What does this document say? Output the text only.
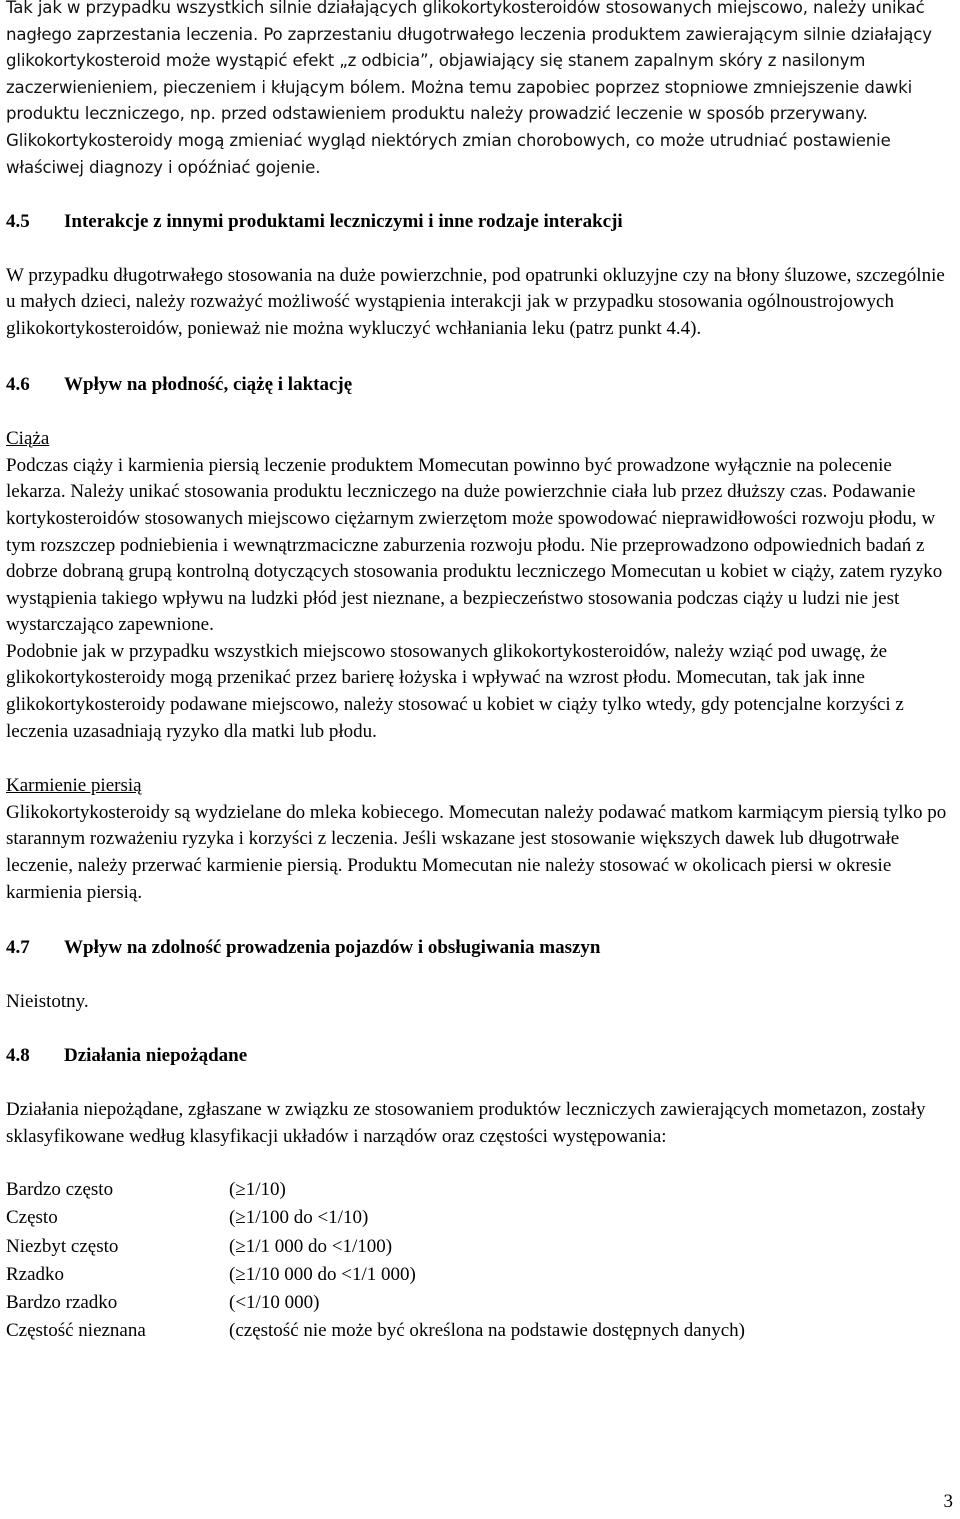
Tak jak w przypadku wszystkich silnie działających glikokortykosteroidów stosowanych miejscowo, należy unikać nagłego zaprzestania leczenia. Po zaprzestaniu długotrwałego leczenia produktem zawierającym silnie działający glikokortykosteroid może wystąpić efekt „z odbicia”, objawiający się stanem zapalnym skóry z nasilonym zaczerwienieniem, pieczeniem i kłującym bólem. Można temu zapobiec poprzez stopniowe zmniejszenie dawki produktu leczniczego, np. przed odstawieniem produktu należy prowadzić leczenie w sposób przerywany.

Glikokortykosteroidy mogą zmieniać wygląd niektórych zmian chorobowych, co może utrudniać postawienie właściwej diagnozy i opóźniać gojenie.

4.5 Interakcje z innymi produktami leczniczymi i inne rodzaje interakcji

W przypadku długotrwałego stosowania na duże powierzchnie, pod opatrunki okluzyjne czy na błony śluzowe, szczególnie u małych dzieci, należy rozważyć możliwość wystąpienia interakcji jak w przypadku stosowania ogólnoustrojowych glikokortykosteroidów, ponieważ nie można wykluczyć wchłaniania leku (patrz punkt 4.4).

4.6 Wpływ na płodność, ciążę i laktację

Ciąża

Podczas ciąży i karmienia piersią leczenie produktem Momecutan powinno być prowadzone wyłącznie na polecenie lekarza. Należy unikać stosowania produktu leczniczego na duże powierzchnie ciała lub przez dłuższy czas. Podawanie kortykosteroidów stosowanych miejscowo ciężarnym zwierzętom może spowodować nieprawidłowości rozwoju płodu, w tym rozszczep podniebienia i wewnątrzmaciczne zaburzenia rozwoju płodu. Nie przeprowadzono odpowiednich badań z dobrze dobraną grupą kontrolną dotyczących stosowania produktu leczniczego Momecutan u kobiet w ciąży, zatem ryzyko wystąpienia takiego wpływu na ludzki płód jest nieznane, a bezpieczeństwo stosowania podczas ciąży u ludzi nie jest wystarczająco zapewnione.

Podobnie jak w przypadku wszystkich miejscowo stosowanych glikokortykosteroidów, należy wziąć pod uwagę, że glikokortykosteroidy mogą przenikać przez barierę łożyska i wpływać na wzrost płodu. Momecutan, tak jak inne glikokortykosteroidy podawane miejscowo, należy stosować u kobiet w ciąży tylko wtedy, gdy potencjalne korzyści z leczenia uzasadniają ryzyko dla matki lub płodu.

Karmienie piersią

Glikokortykosteroidy są wydzielane do mleka kobiecego. Momecutan należy podawać matkom karmiącym piersią tylko po starannym rozważeniu ryzyka i korzyści z leczenia. Jeśli wskazane jest stosowanie większych dawek lub długotrwałe leczenie, należy przerwać karmienie piersią. Produktu Momecutan nie należy stosować w okolicach piersi w okresie karmienia piersią.

4.7 Wpływ na zdolność prowadzenia pojazdów i obsługiwania maszyn

Nieistotny.

4.8 Działania niepożądane

Działania niepożądane, zgłaszane w związku ze stosowaniem produktów leczniczych zawierających mometazon, zostały sklasyfikowane według klasyfikacji układów i narządów oraz częstości występowania:

Bardzo często	(≥1/10)
Często	(≥1/100 do <1/10)
Niezbyt często	(≥1/1 000 do <1/100)
Rzadko	(≥1/10 000 do <1/1 000)
Bardzo rzadko	(<1/10 000)
Częstość nieznana	(częstość nie może być określona na podstawie dostępnych danych)
3
